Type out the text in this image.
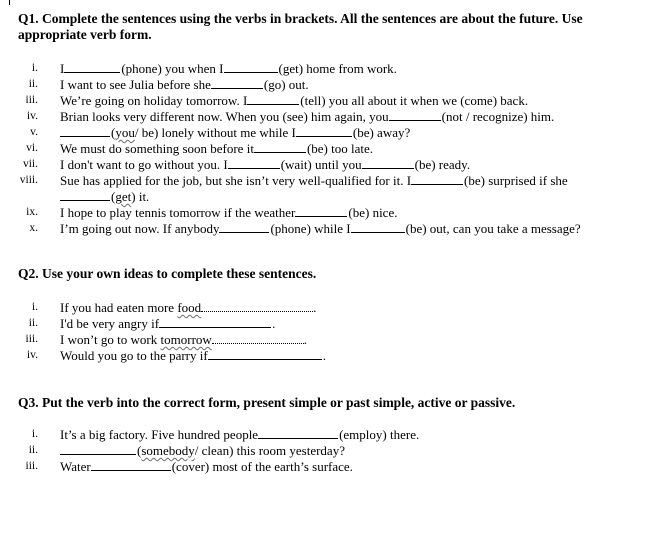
Q1. Complete the sentences using the verbs in brackets. All the sentences are about the future. Use appropriate verb form.
i. I	(phone) you when I	(get) home from work.
ii. I want to see Julia before she	(go) out.
iii. We’re going on holiday tomorrow. I	(tell) you all about it when we (come) back.
iv. Brian looks very different now. When you (see) him again, you	(not / recognize) him.
v.	(you/ be) lonely without me while I	(be) away?
vi. We must do something soon before it	(be) too late.
vii. I don't want to go without you. I	(wait) until you	(be) ready.
viii. Sue has applied for the job, but she isn’t very well-qualified for it. I	(be) surprised if she
(get) it.
ix. I hope to play tennis tomorrow if the weather	(be) nice.
x. I’m going out now. If anybody	(phone) while I	(be) out, can you take a message?
Q2. Use your own ideas to complete these sentences.
i. If you had eaten more food	.
ii. I'd be very angry if	.
iii. I won’t go to work tomorrow	.
iv. Would you go to the parry if	.
Q3. Put the verb into the correct form, present simple or past simple, active or passive.
i. It’s a big factory. Five hundred people	(employ) there.
ii.	(somebody/ clean) this room yesterday?
iii. Water	(cover) most of the earth’s surface.
